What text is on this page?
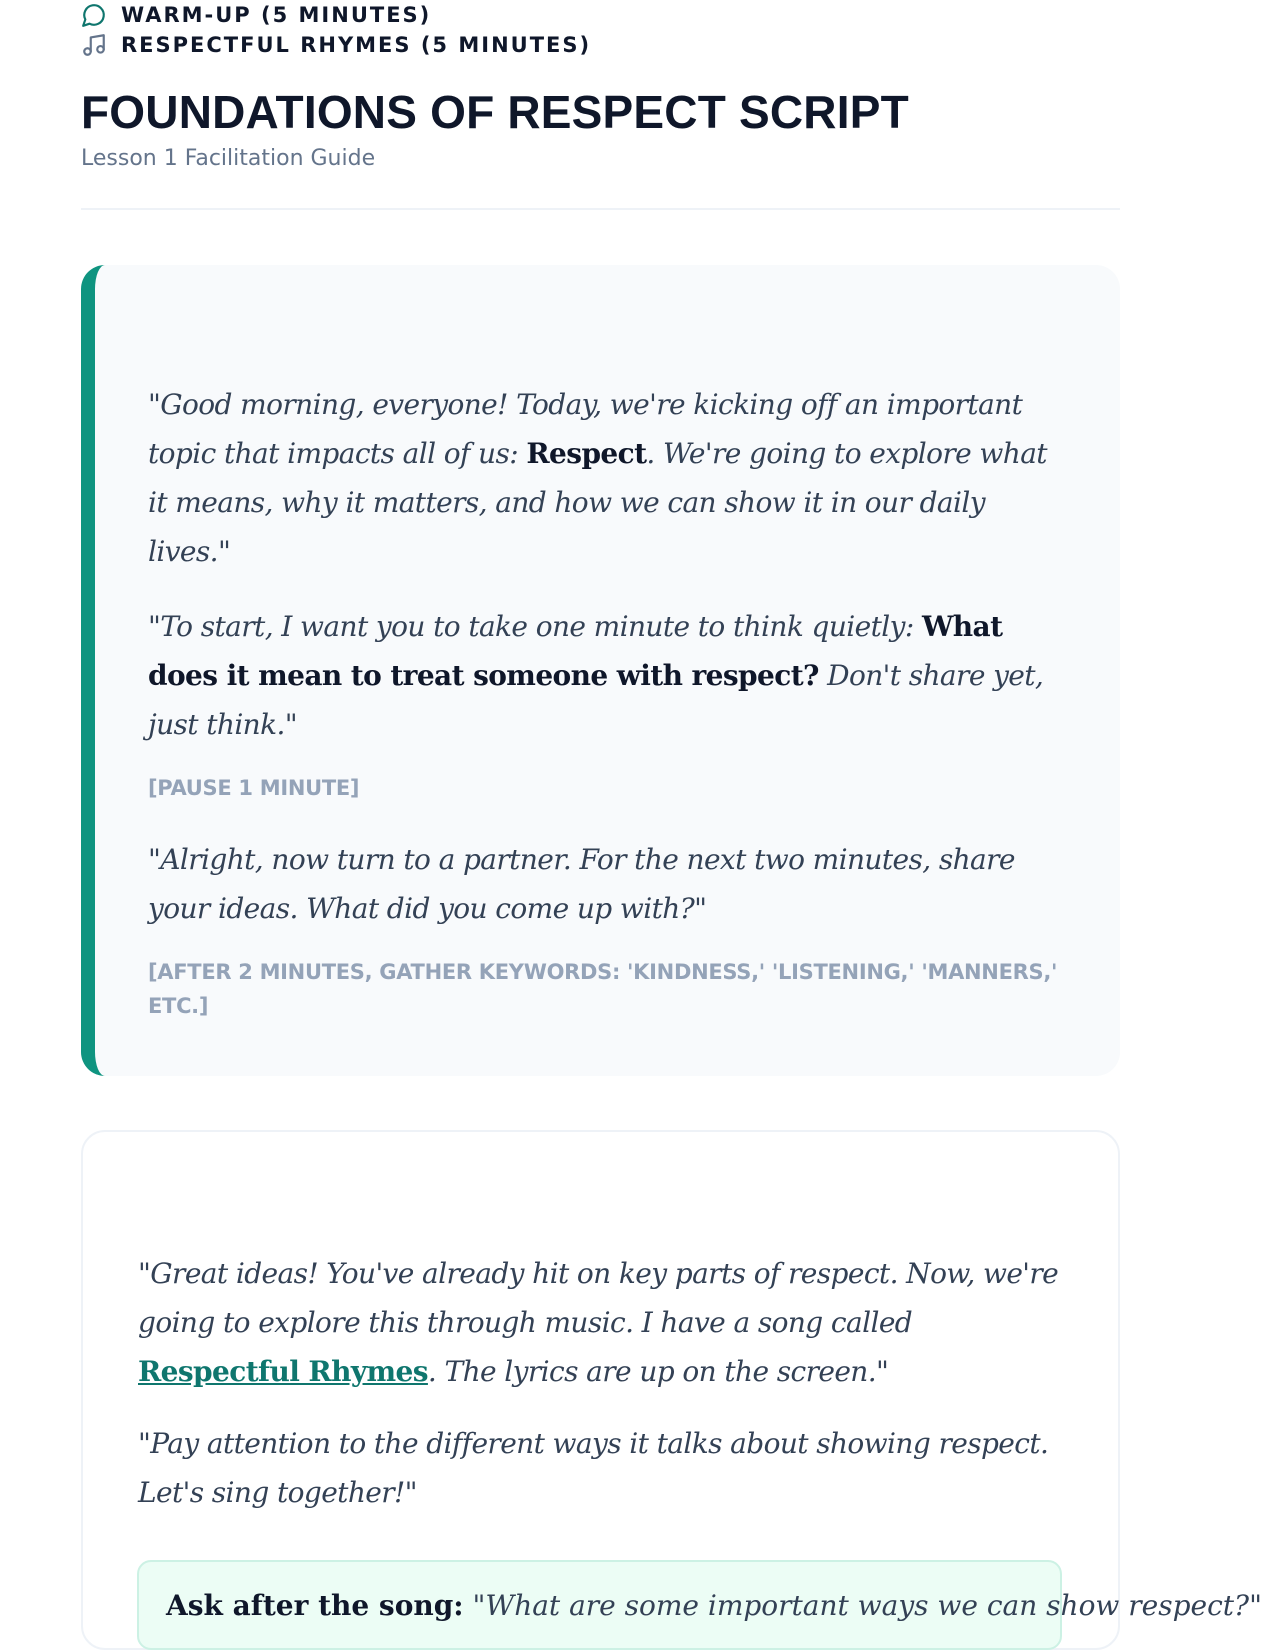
FOUNDATIONS OF RESPECT SCRIPT
Lesson 1 Facilitation Guide
WARM-UP (5 MINUTES)

"Good morning, everyone! Today, we're kicking off an important topic that impacts all of us: Respect. We're going to explore what it means, why it matters, and how we can show it in our daily lives."

"To start, I want you to take one minute to think quietly: What does it mean to treat someone with respect? Don't share yet, just think."

[PAUSE 1 MINUTE]

"Alright, now turn to a partner. For the next two minutes, share your ideas. What did you come up with?"

[AFTER 2 MINUTES, GATHER KEYWORDS: 'KINDNESS,' 'LISTENING,' 'MANNERS,' ETC.]
RESPECTFUL RHYMES (5 MINUTES)

"Great ideas! You've already hit on key parts of respect. Now, we're going to explore this through music. I have a song called Respectful Rhymes. The lyrics are up on the screen."

"Pay attention to the different ways it talks about showing respect. Let's sing together!"

Ask after the song: "What are some important ways we can show respect?"
